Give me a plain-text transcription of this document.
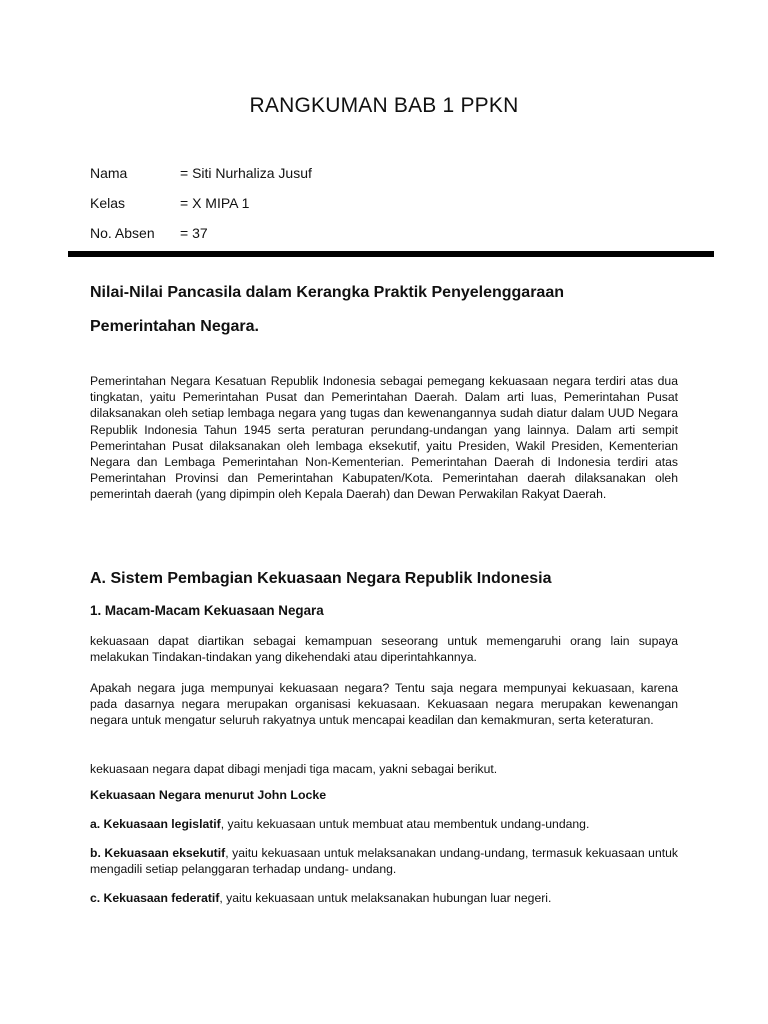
RANGKUMAN BAB 1 PPKN
Nama	= Siti Nurhaliza Jusuf
Kelas	= X MIPA 1
No. Absen	= 37
Nilai-Nilai Pancasila dalam Kerangka Praktik Penyelenggaraan
Pemerintahan Negara.

Pemerintahan Negara Kesatuan Republik Indonesia sebagai pemegang kekuasaan negara terdiri atas dua tingkatan, yaitu Pemerintahan Pusat dan Pemerintahan Daerah. Dalam arti luas, Pemerintahan Pusat dilaksanakan oleh setiap lembaga negara yang tugas dan kewenangannya sudah diatur dalam UUD Negara Republik Indonesia Tahun 1945 serta peraturan perundang-undangan yang lainnya. Dalam arti sempit Pemerintahan Pusat dilaksanakan oleh lembaga eksekutif, yaitu Presiden, Wakil Presiden, Kementerian Negara dan Lembaga Pemerintahan Non-Kementerian. Pemerintahan Daerah di Indonesia terdiri atas Pemerintahan Provinsi dan Pemerintahan Kabupaten/Kota. Pemerintahan daerah dilaksanakan oleh pemerintah daerah (yang dipimpin oleh Kepala Daerah) dan Dewan Perwakilan Rakyat Daerah.

A. Sistem Pembagian Kekuasaan Negara Republik Indonesia
1. Macam-Macam Kekuasaan Negara

kekuasaan dapat diartikan sebagai kemampuan seseorang untuk memengaruhi orang lain supaya melakukan Tindakan-tindakan yang dikehendaki atau diperintahkannya.

Apakah negara juga mempunyai kekuasaan negara? Tentu saja negara mempunyai kekuasaan, karena pada dasarnya negara merupakan organisasi kekuasaan. Kekuasaan negara merupakan kewenangan negara untuk mengatur seluruh rakyatnya untuk mencapai keadilan dan kemakmuran, serta keteraturan.

kekuasaan negara dapat dibagi menjadi tiga macam, yakni sebagai berikut.

Kekuasaan Negara menurut John Locke

a. Kekuasaan legislatif, yaitu kekuasaan untuk membuat atau membentuk undang-undang.

b. Kekuasaan eksekutif, yaitu kekuasaan untuk melaksanakan undang-undang, termasuk kekuasaan untuk mengadili setiap pelanggaran terhadap undang- undang.

c. Kekuasaan federatif, yaitu kekuasaan untuk melaksanakan hubungan luar negeri.
